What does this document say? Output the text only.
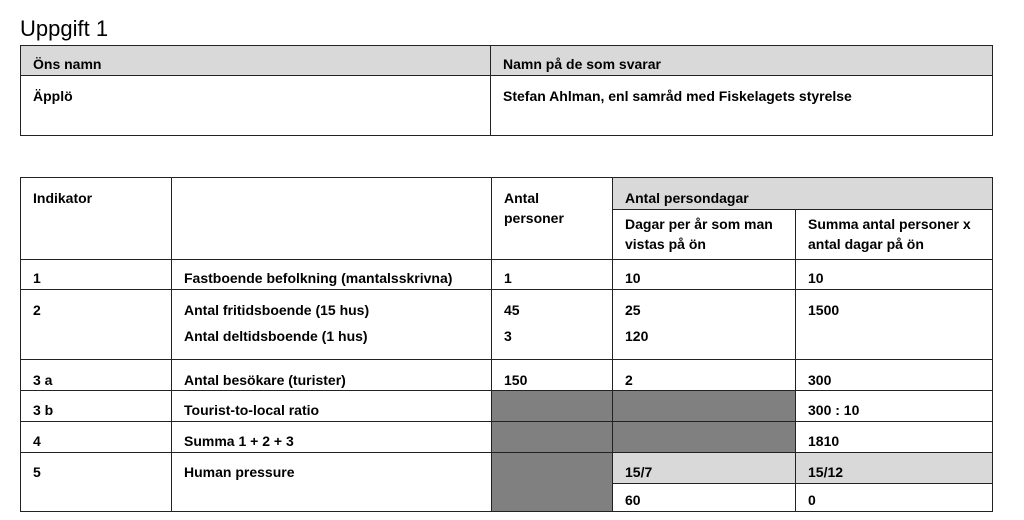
Uppgift 1
Öns namn	Namn på de som svarar
Äpplö	Stefan Ahlman, enl samråd med Fiskelagets styrelse
Indikator		Antal personer	Antal persondagar	
			Dagar per år som man vistas på ön	Summa antal personer x antal dagar på ön
1	Fastboende befolkning (mantalsskrivna)	1	10	10
2	Antal fritidsboende (15 hus)	45	25	1500
	Antal deltidsboende (1 hus)	3	120	
3 a	Antal besökare (turister)	150	2	300
3 b	Tourist-to-local ratio			300 : 10
4	Summa 1 + 2 + 3			1810
5	Human pressure		15/7	15/12
			60	0
